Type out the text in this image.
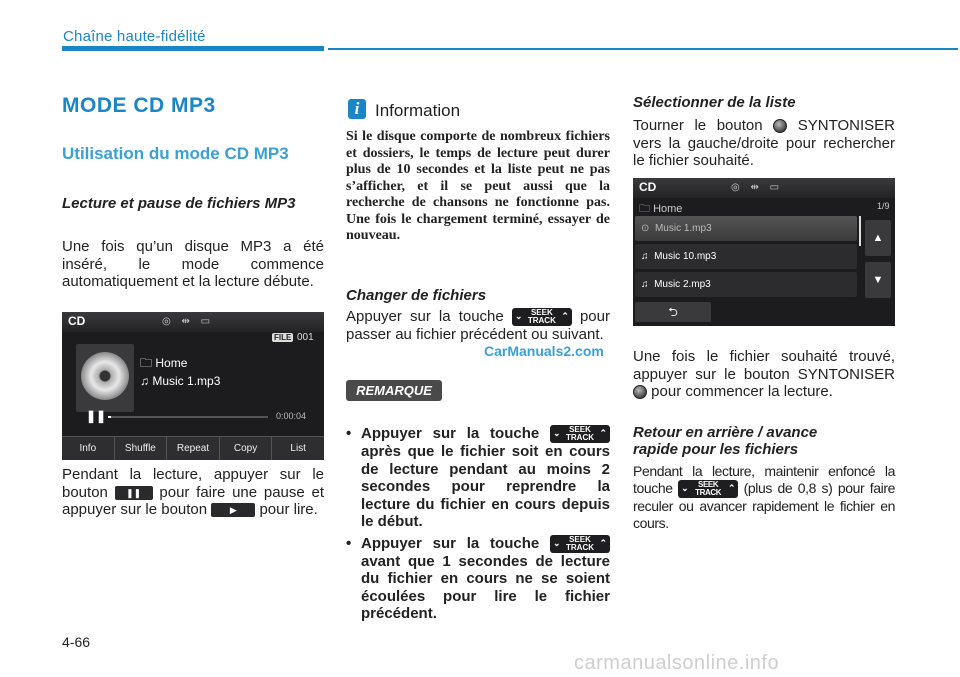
Chaîne haute-fidélité
MODE CD MP3
Utilisation du mode CD MP3
Lecture et pause de fichiers MP3
Une fois qu’un disque MP3 a été inséré, le mode commence automatiquement et la lecture débute.
CD	◎ ⇹ ▭
FILE 001
🗀 Home
♫ Music 1.mp3
❚❚	0:00:04
Info	Shuffle	Repeat	Copy	List
Pendant la lecture, appuyer sur le bouton ❚❚ pour faire une pause et appuyer sur le bouton	▶ pour lire.
i Information
Si le disque comporte de nombreux fichiers et dossiers, le temps de lecture peut durer plus de 10 secondes et la liste peut ne pas s’afficher, et il se peut aussi que la recherche de chansons ne fonctionne pas. Une fois le chargement terminé, essayer de nouveau.
Changer de fichiers
Appuyer sur la touche ⌄	SEEK
TRACK ⌃ pour passer au fichier précédent ou suivant.
CarManuals2.com
REMARQUE
• Appuyer sur la touche ⌄	SEEK
TRACK ⌃
après que le fichier soit en cours de lecture pendant au moins 2 secondes pour reprendre la lecture du fichier en cours depuis le début.
• Appuyer sur la touche ⌄	SEEK
TRACK ⌃
avant que 1 secondes de lecture du fichier en cours ne se soient écoulées pour lire le fichier précédent.
Sélectionner de la liste
Tourner le bouton SYNTONISER vers la gauche/droite pour rechercher le fichier souhaité.
CD	◎ ⇹ ▭
🗀 Home	1/9
⊙ Music 1.mp3
♫ Music 10.mp3
♫ Music 2.mp3
▲
▼
⮌
Une fois le fichier souhaité trouvé, appuyer sur le bouton SYNTONISER  pour commencer la lecture.
Retour en arrière / avance rapide pour les fichiers
Pendant la lecture, maintenir enfoncé la touche ⌄	SEEK
TRACK ⌃ (plus de 0,8 s) pour faire reculer ou avancer rapidement le fichier en cours.
4-66
carmanualsonline.info
